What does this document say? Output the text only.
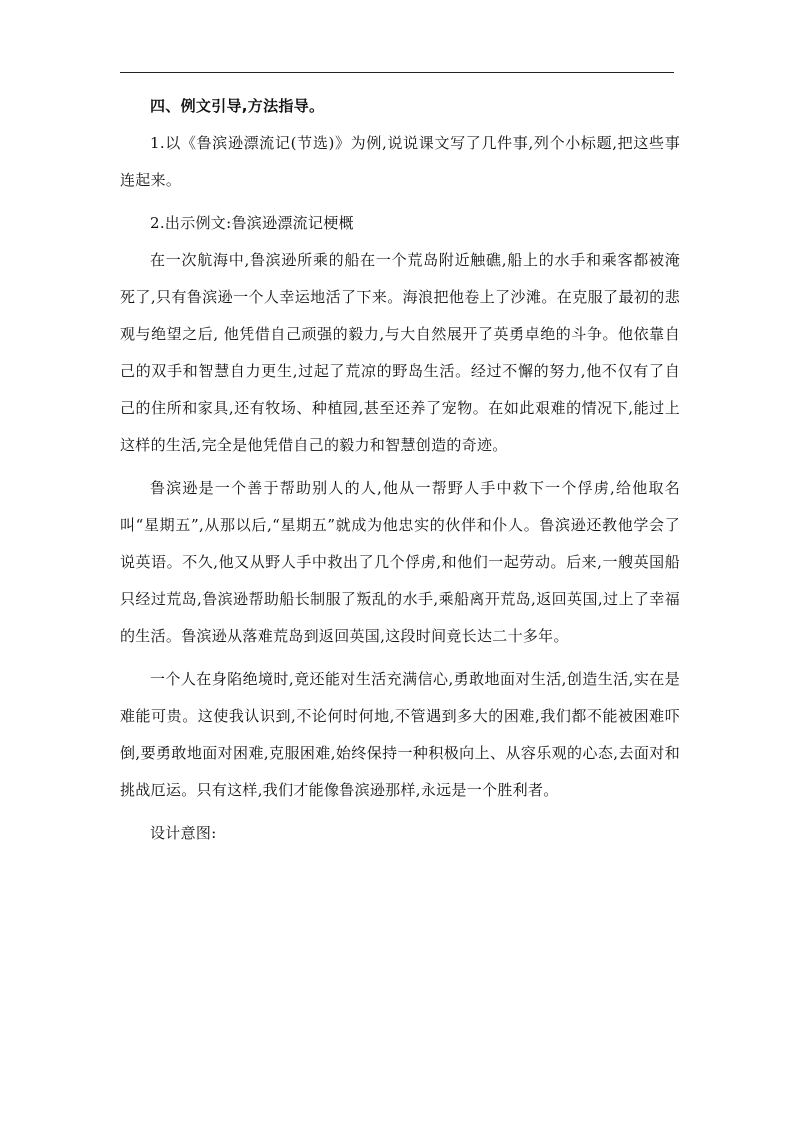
四、例文引导,方法指导。

1.以《鲁滨逊漂流记(节选)》为例,说说课文写了几件事,列个小标题,把这些事连起来。

2.出示例文:鲁滨逊漂流记梗概

在一次航海中,鲁滨逊所乘的船在一个荒岛附近触礁,船上的水手和乘客都被淹死了,只有鲁滨逊一个人幸运地活了下来。海浪把他卷上了沙滩。在克服了最初的悲观与绝望之后, 他凭借自己顽强的毅力,与大自然展开了英勇卓绝的斗争。他依靠自己的双手和智慧自力更生,过起了荒凉的野岛生活。经过不懈的努力,他不仅有了自己的住所和家具,还有牧场、种植园,甚至还养了宠物。在如此艰难的情况下,能过上这样的生活,完全是他凭借自己的毅力和智慧创造的奇迹。

鲁滨逊是一个善于帮助别人的人,他从一帮野人手中救下一个俘虏,给他取名叫“星期五”,从那以后,“星期五”就成为他忠实的伙伴和仆人。鲁滨逊还教他学会了说英语。不久,他又从野人手中救出了几个俘虏,和他们一起劳动。后来,一艘英国船只经过荒岛,鲁滨逊帮助船长制服了叛乱的水手,乘船离开荒岛,返回英国,过上了幸福的生活。鲁滨逊从落难荒岛到返回英国,这段时间竟长达二十多年。

一个人在身陷绝境时,竟还能对生活充满信心,勇敢地面对生活,创造生活,实在是难能可贵。这使我认识到,不论何时何地,不管遇到多大的困难,我们都不能被困难吓倒,要勇敢地面对困难,克服困难,始终保持一种积极向上、从容乐观的心态,去面对和挑战厄运。只有这样,我们才能像鲁滨逊那样,永远是一个胜利者。

设计意图:
